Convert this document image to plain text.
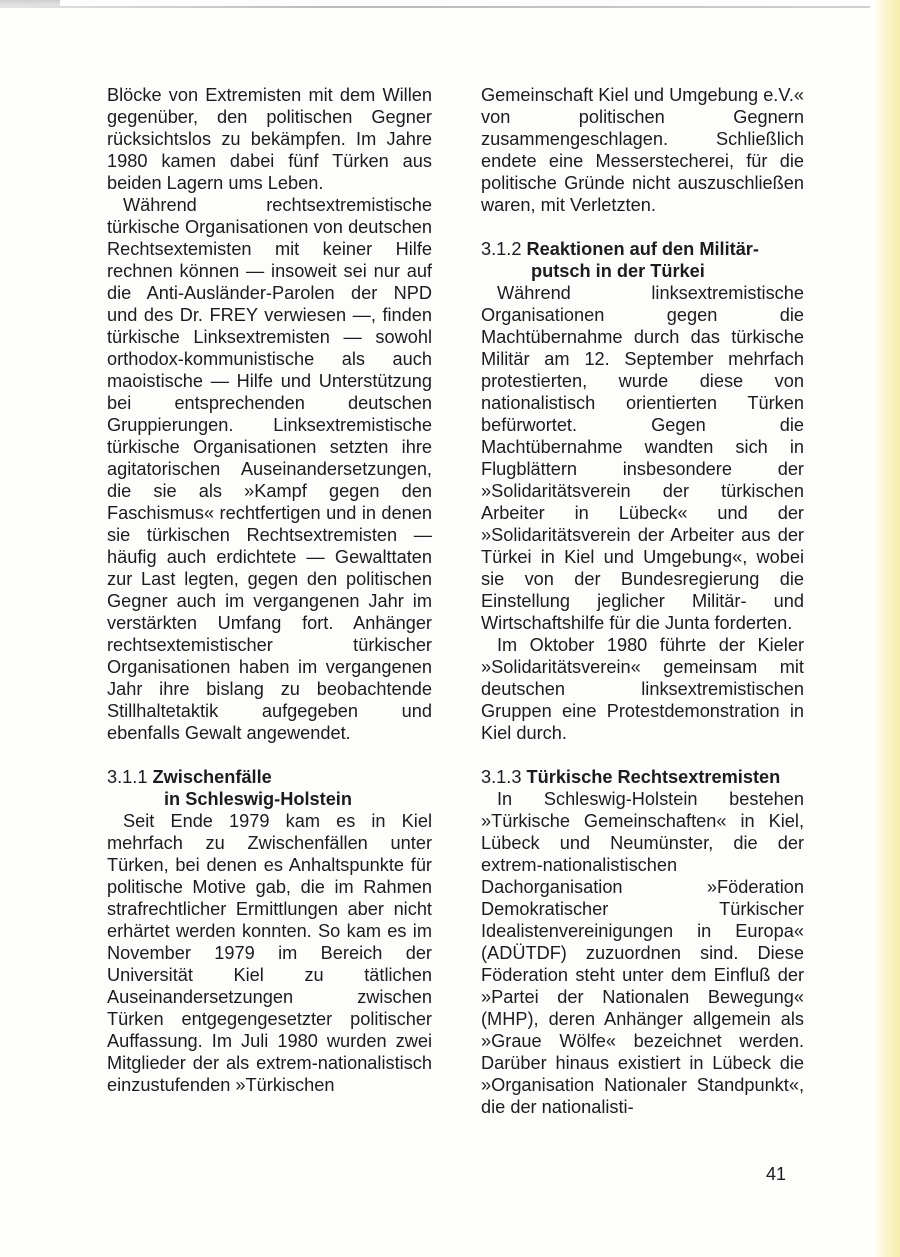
Blöcke von Extremisten mit dem Willen gegenüber, den politischen Gegner rücksichtslos zu bekämpfen. Im Jahre 1980 kamen dabei fünf Türken aus beiden Lagern ums Leben.

Während rechtsextremistische türkische Organisationen von deutschen Rechtsextemisten mit keiner Hilfe rechnen können — insoweit sei nur auf die Anti-Ausländer-Parolen der NPD und des Dr. FREY verwiesen —, finden türkische Linksextremisten — sowohl orthodox-kommunistische als auch maoistische — Hilfe und Unterstützung bei entsprechenden deutschen Gruppierungen. Linksextremistische türkische Organisationen setzten ihre agitatorischen Auseinandersetzungen, die sie als »Kampf gegen den Faschismus« rechtfertigen und in denen sie türkischen Rechtsextremisten — häufig auch erdichtete — Gewalttaten zur Last legten, gegen den politischen Gegner auch im vergangenen Jahr im verstärkten Umfang fort. Anhänger rechtsextemistischer türkischer Organisationen haben im vergangenen Jahr ihre bislang zu beobachtende Stillhaltetaktik aufgegeben und ebenfalls Gewalt angewendet.

3.1.1 Zwischenfälle
in Schleswig-Holstein

Seit Ende 1979 kam es in Kiel mehrfach zu Zwischenfällen unter Türken, bei denen es Anhaltspunkte für politische Motive gab, die im Rahmen strafrechtlicher Ermittlungen aber nicht erhärtet werden konnten. So kam es im November 1979 im Bereich der Universität Kiel zu tätlichen Auseinandersetzungen zwischen Türken entgegengesetzter politischer Auffassung. Im Juli 1980 wurden zwei Mitglieder der als extrem-nationalistisch einzustufenden »Türkischen

Gemeinschaft Kiel und Umgebung e.V.« von politischen Gegnern zusammengeschlagen. Schließlich endete eine Messerstecherei, für die politische Gründe nicht auszuschließen waren, mit Verletzten.

3.1.2 Reaktionen auf den Militär-
putsch in der Türkei

Während linksextremistische Organisationen gegen die Machtübernahme durch das türkische Militär am 12. September mehrfach protestierten, wurde diese von nationalistisch orientierten Türken befürwortet. Gegen die Machtübernahme wandten sich in Flugblättern insbesondere der »Solidaritätsverein der türkischen Arbeiter in Lübeck« und der »Solidaritätsverein der Arbeiter aus der Türkei in Kiel und Umgebung«, wobei sie von der Bundesregierung die Einstellung jeglicher Militär- und Wirtschaftshilfe für die Junta forderten.

Im Oktober 1980 führte der Kieler »Solidaritätsverein« gemeinsam mit deutschen linksextremistischen Gruppen eine Protestdemonstration in Kiel durch.

3.1.3 Türkische Rechtsextremisten

In Schleswig-Holstein bestehen »Türkische Gemeinschaften« in Kiel, Lübeck und Neumünster, die der extrem-nationalistischen Dachorganisation »Föderation Demokratischer Türkischer Idealistenvereinigungen in Europa« (ADÜTDF) zuzuordnen sind. Diese Föderation steht unter dem Einfluß der »Partei der Nationalen Bewegung« (MHP), deren Anhänger allgemein als »Graue Wölfe« bezeichnet werden. Darüber hinaus existiert in Lübeck die »Organisation Nationaler Standpunkt«, die der nationalisti-

41
